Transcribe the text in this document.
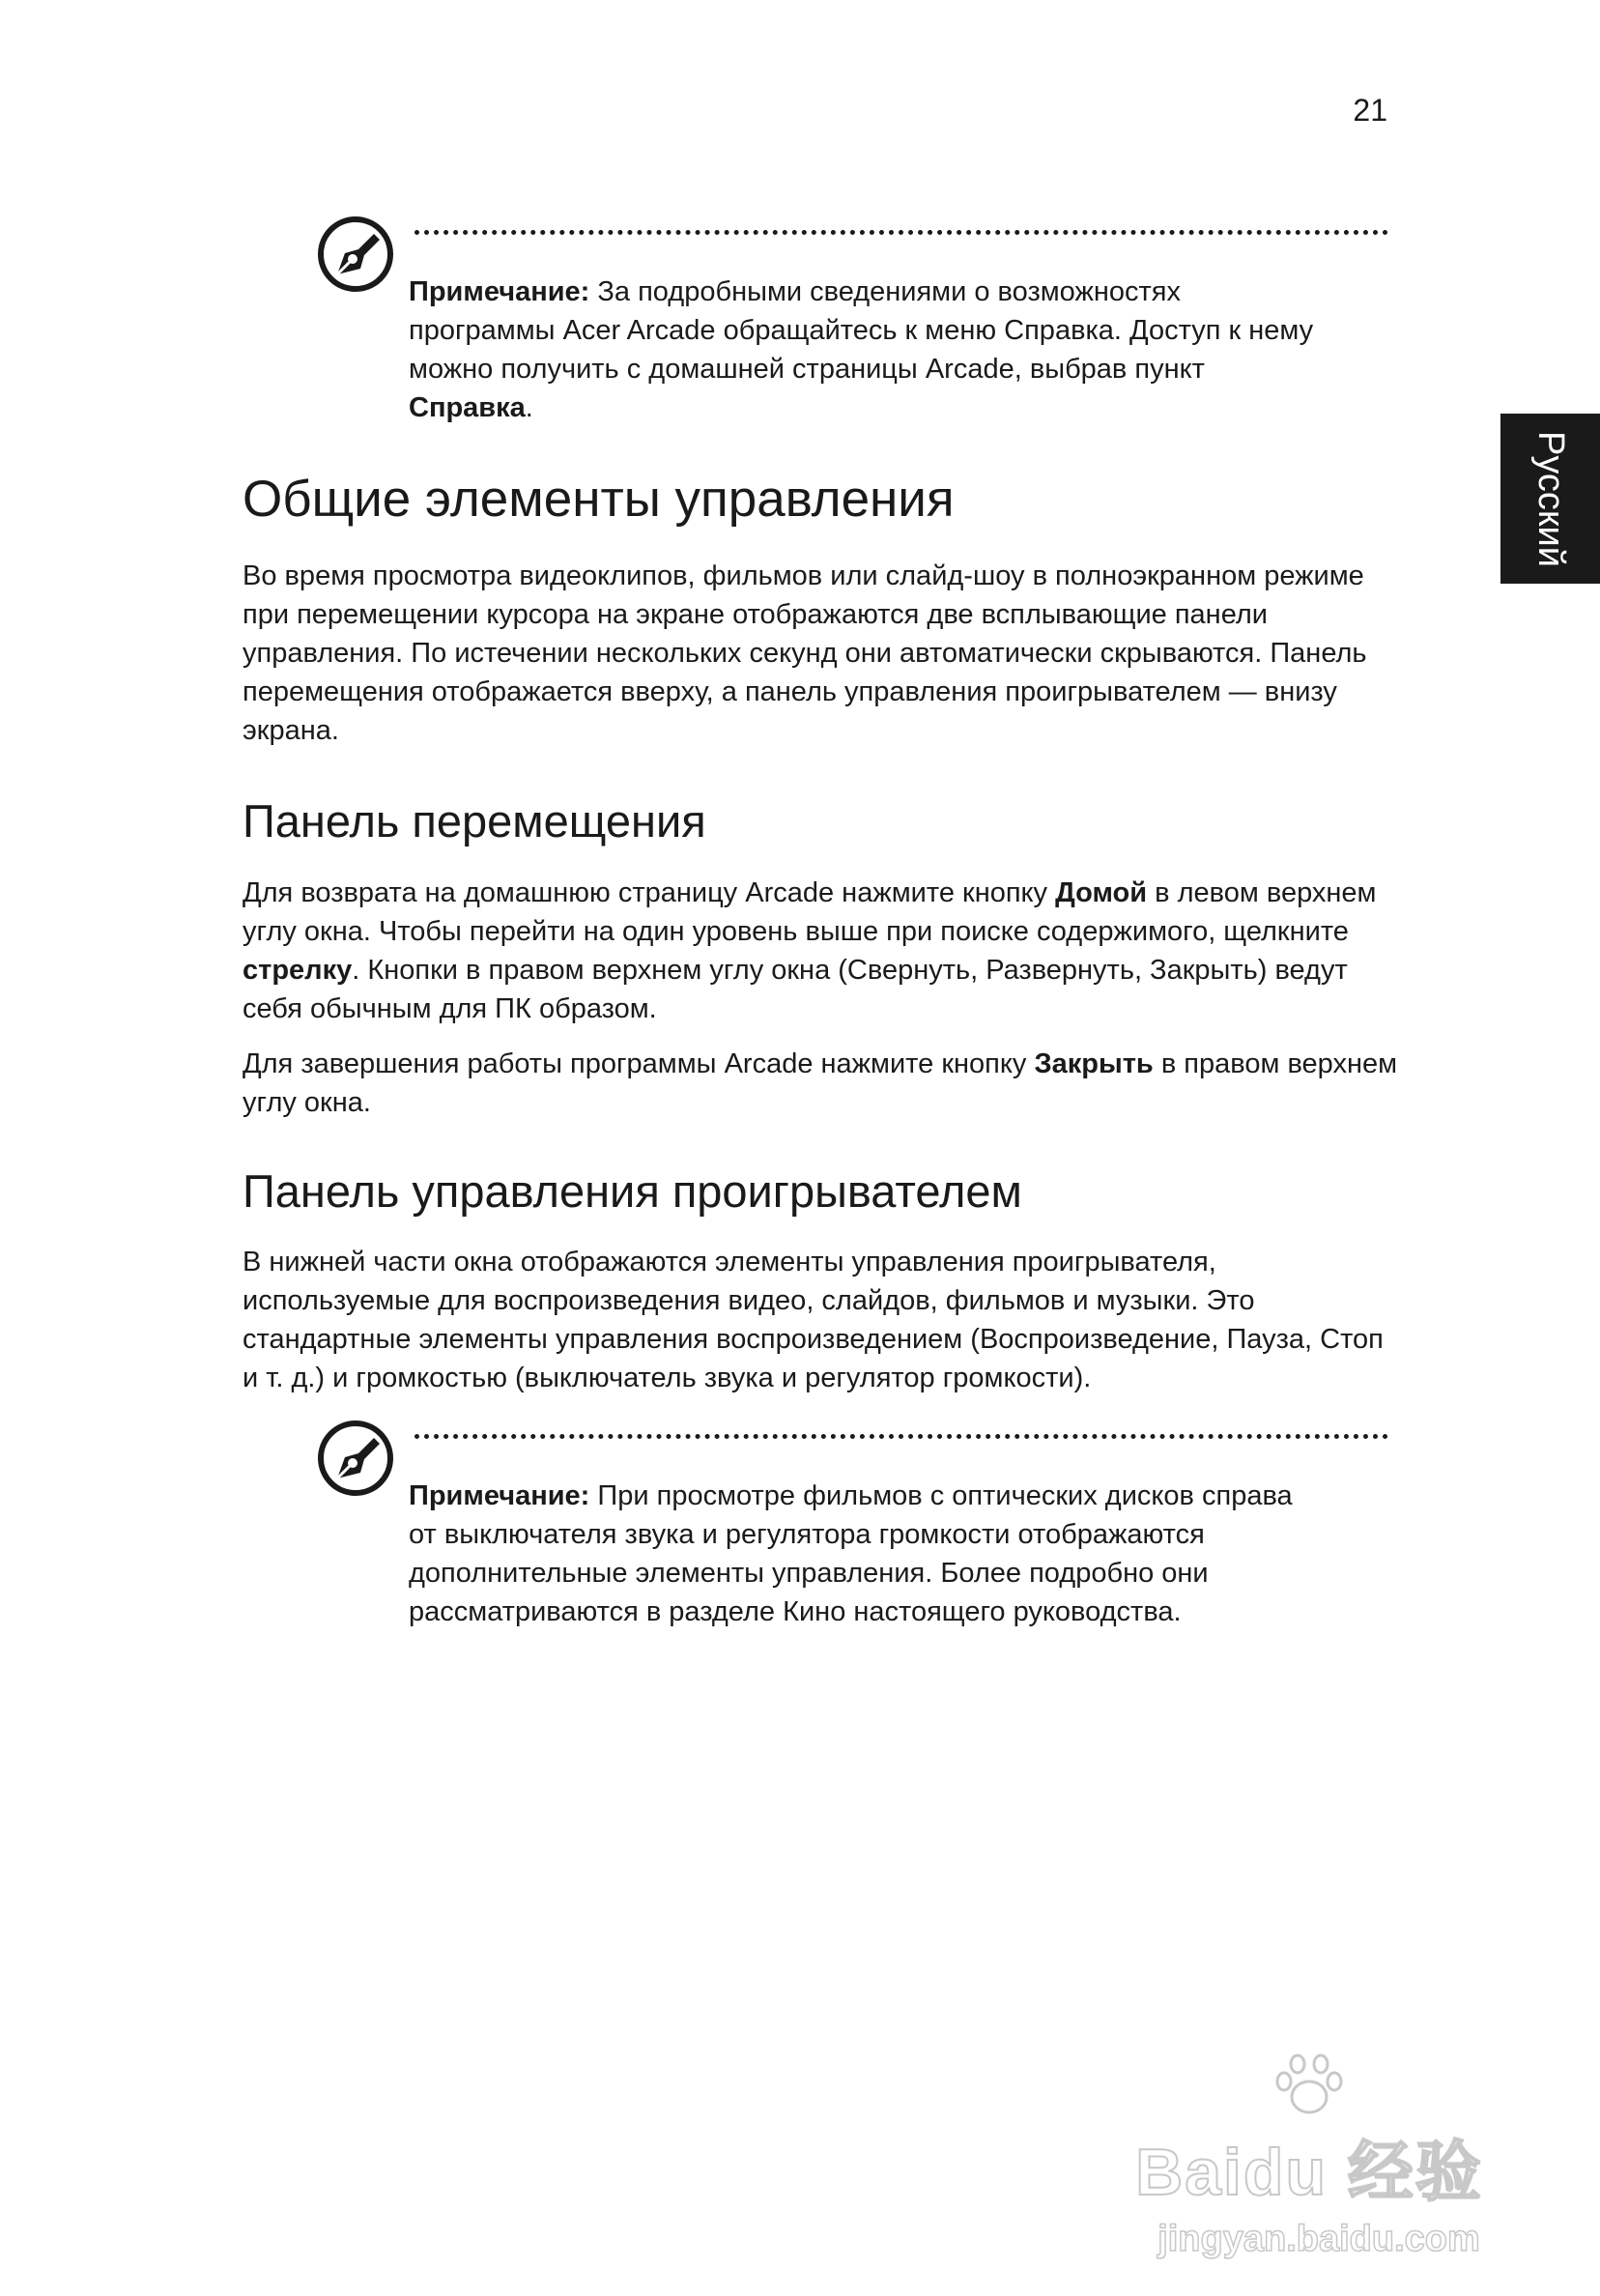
21
Русский

Примечание: За подробными сведениями о возможностях программы Acer Arcade обращайтесь к меню Справка. Доступ к нему можно получить с домашней страницы Arcade, выбрав пункт Справка.

Общие элементы управления

Во время просмотра видеоклипов, фильмов или слайд-шоу в полноэкранном режиме при перемещении курсора на экране отображаются две всплывающие панели управления. По истечении нескольких секунд они автоматически скрываются. Панель перемещения отображается вверху, а панель управления проигрывателем — внизу экрана.

Панель перемещения

Для возврата на домашнюю страницу Arcade нажмите кнопку Домой в левом верхнем углу окна. Чтобы перейти на один уровень выше при поиске содержимого, щелкните стрелку. Кнопки в правом верхнем углу окна (Свернуть, Развернуть, Закрыть) ведут себя обычным для ПК образом.

Для завершения работы программы Arcade нажмите кнопку Закрыть в правом верхнем углу окна.

Панель управления проигрывателем

В нижней части окна отображаются элементы управления проигрывателя, используемые для воспроизведения видео, слайдов, фильмов и музыки. Это стандартные элементы управления воспроизведением (Воспроизведение, Пауза, Стоп и т. д.) и громкостью (выключатель звука и регулятор громкости).

Примечание: При просмотре фильмов с оптических дисков справа от выключателя звука и регулятора громкости отображаются дополнительные элементы управления. Более подробно они рассматриваются в разделе Кино настоящего руководства.

Baidu 经验
jingyan.baidu.com
